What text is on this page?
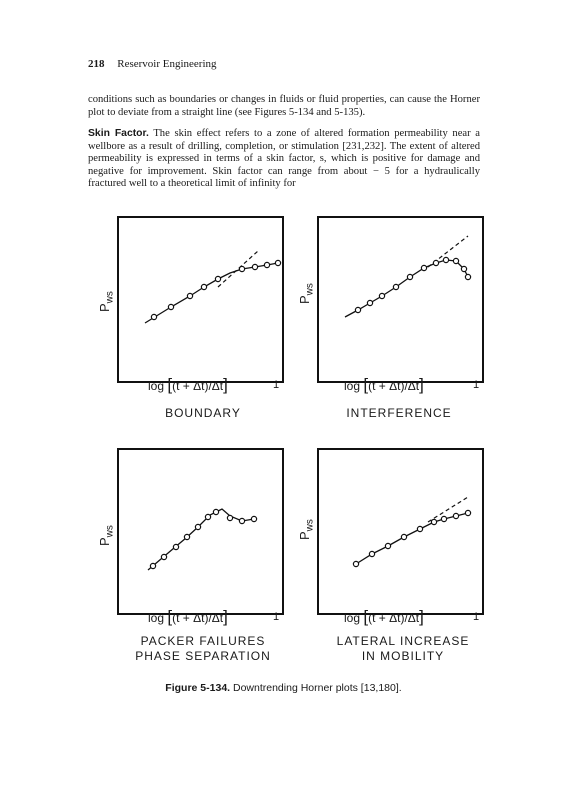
218 Reservoir Engineering
conditions such as boundaries or changes in fluids or fluid properties, can cause the Horner plot to deviate from a straight line (see Figures 5-134 and 5-135).
Skin Factor. The skin effect refers to a zone of altered formation permeability near a wellbore as a result of drilling, completion, or stimulation [231,232]. The extent of altered permeability is expressed in terms of a skin factor, s, which is positive for damage and negative for improvement. Skin factor can range from about − 5 for a hydraulically fractured well to a theoretical limit of infinity for
$P_{ws}$
log [(t + Δt)/Δt]	1
BOUNDARY
$P_{ws}$
log [(t + Δt)/Δt]	1
INTERFERENCE
$P_{ws}$
log [(t + Δt)/Δt]	1
PACKER FAILURES
PHASE SEPARATION
$P_{ws}$
log [(t + Δt)/Δt]	1
LATERAL INCREASE
IN MOBILITY
Figure 5-134. Downtrending Horner plots [13,180].
